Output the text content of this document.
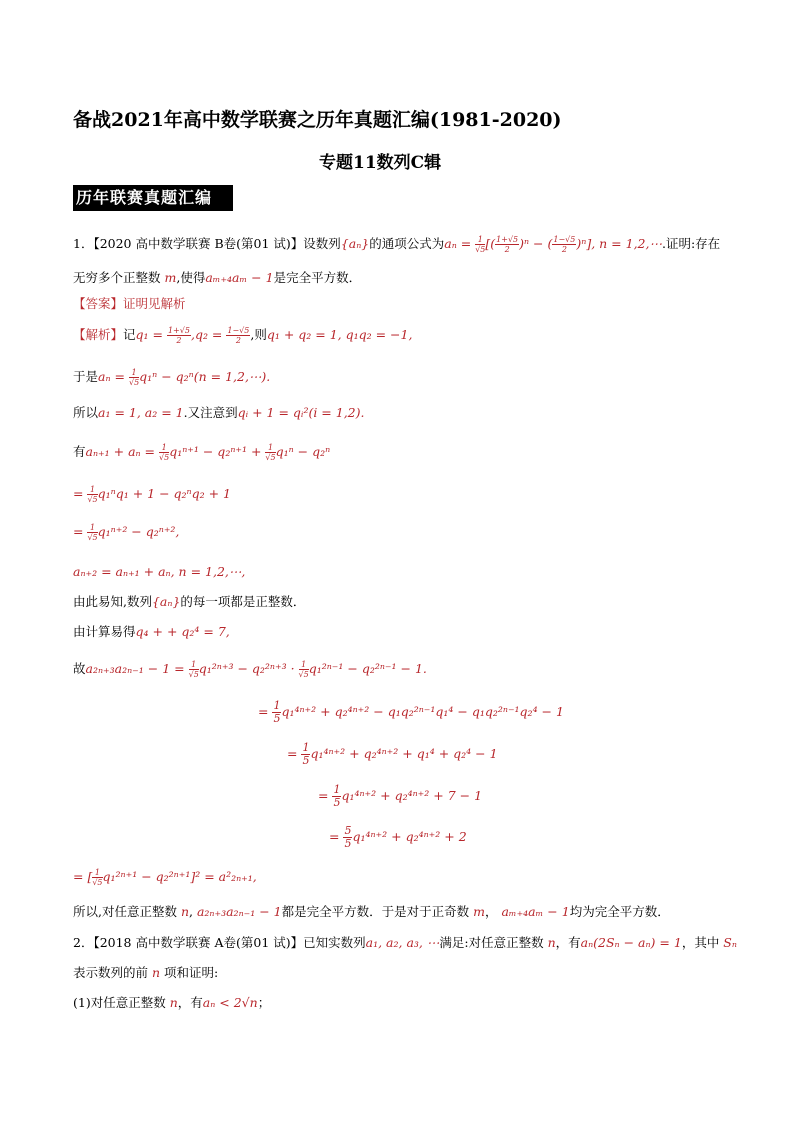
备战2021年高中数学联赛之历年真题汇编(1981-2020)
专题11数列C辑
历年联赛真题汇编
1．【2020 高中数学联赛 B卷(第01 试)】设数列{aₙ}的通项公式为$a_n = \frac{1}{√5}$ [( $\frac{1+√5}{2} )^n$ − ( $\frac{1-√5}{2} )^n$], n = 1,2,⋯.证明:存在
无穷多个正整数 m,使得aₘ₊₄aₘ − 1是完全平方数．
【答案】证明见解析
【解析】记$q_1 = \frac{1+√5}{2} ,q_2 = \frac{1-√5}{2}$ ,则q₁ + q₂ = 1, q₁q₂ = −1,
于是$a_n = \frac{1}{√5} q_1^n - q_2^n(n$ = 1,2,⋯).
所以a₁ = 1, a₂ = 1.又注意到qᵢ + 1 = qᵢ²(i = 1,2).
有$a_{n+1} + a_n = \frac{1}{√5} q_1^{n+1} - q_2^{n+1} + \frac{1}{√5} q_1^n - q_2^n$
= $\frac{1}{√5} q_1^nq_1 + 1 - q_2^nq_2 + 1$
= $\frac{1}{√5} q_1^{n+2} - q_2^{n+2}$,
aₙ₊₂ = aₙ₊₁ + aₙ, n = 1,2,⋯,
由此易知,数列{aₙ}的每一项都是正整数．
由计算易得q₄ + + q₂⁴ = 7,
故$a_{2n+3}a_{2n-1} - 1 = \frac{1}{√5} q_1^{2n+3} - q_2^{2n+3} \cdot \frac{1}{√5} q_1^{2n-1} - q_2^{2n-1} - 1$.
= $\frac{1}{5} q_1^{4n+2} + q_2^{4n+2} - q_1q_2^{2n-1}q_1^4 - q_1q_2^{2n-1}q_2^4 - 1$
= $\frac{1}{5} q_1^{4n+2} + q_2^{4n+2} + q_1^4 + q_2^4 - 1$
= $\frac{1}{5} q_1^{4n+2} + q_2^{4n+2} + 7 - 1$
= $\frac{5}{5} q_1^{4n+2} + q_2^{4n+2} + 2$
= [ $\frac{1}{√5} q_1^{2n+1} - q_2^{2n+1}]^2 = a^2_{2n+1}$,
所以,对任意正整数 n, a₂ₙ₊₃a₂ₙ₋₁ − 1都是完全平方数．于是对于正奇数 m， aₘ₊₄aₘ − 1均为完全平方数．
2．【2018 高中数学联赛 A卷(第01 试)】已知实数列a₁, a₂, a₃, ⋯满足:对任意正整数 n，有aₙ(2Sₙ − aₙ) = 1，其中 Sₙ
表示数列的前 n 项和证明:
(1)对任意正整数 n，有aₙ < 2√n；
